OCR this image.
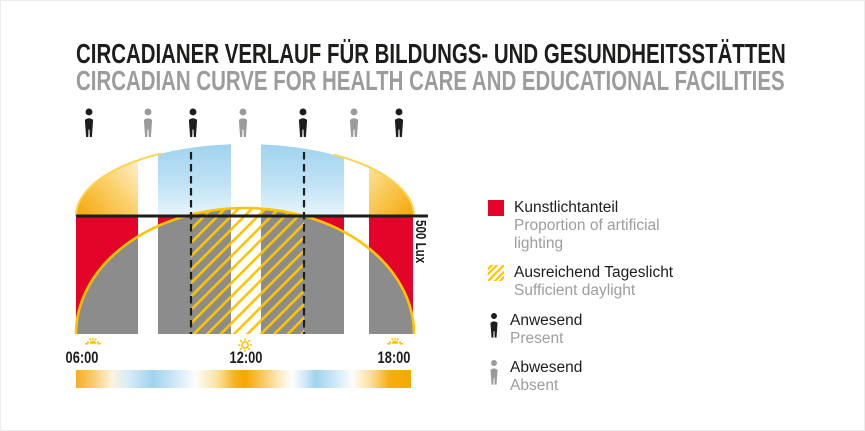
CIRCADIANER VERLAUF FÜR BILDUNGS- UND GESUNDHEITSSTÄTTEN
CIRCADIAN CURVE FOR HEALTH CARE AND EDUCATIONAL FACILITIES
500 Lux
06:00	12:00	18:00
Kunstlichtanteil
Proportion of artificial lighting
Ausreichend Tageslicht
Sufficient daylight
Anwesend
Present
Abwesend
Absent
